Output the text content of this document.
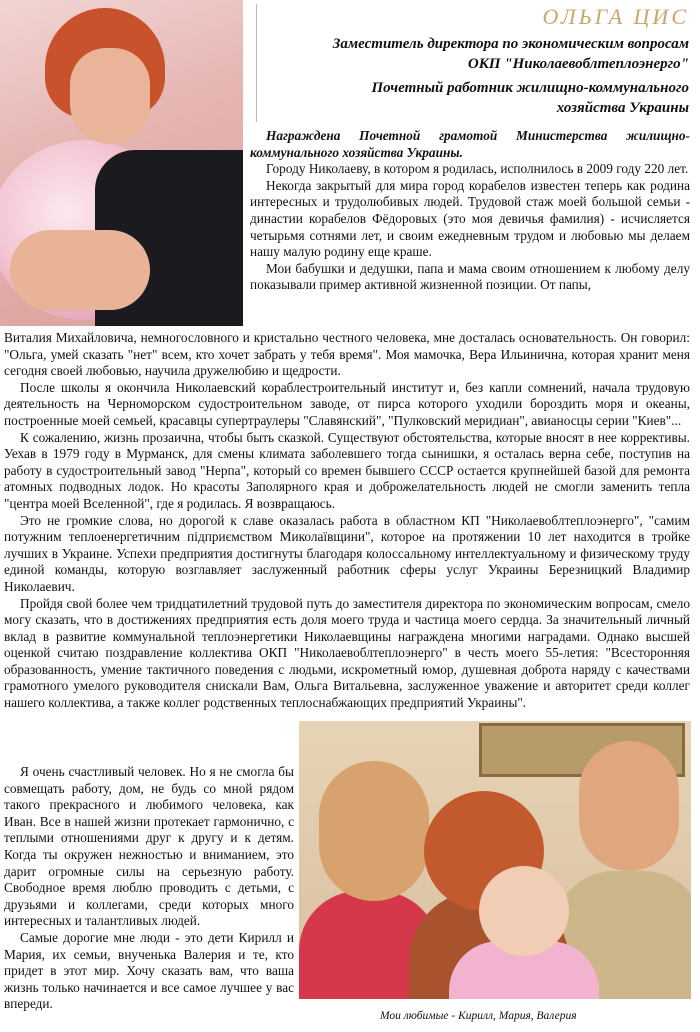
ОЛЬГА ЦИС
Заместитель директора по экономическим вопросам
ОКП "Николаевоблтеплоэнерго"
Почетный работник жилищно-коммунального
хозяйства Украины

Награждена Почетной грамотой Министерства жилищно-коммунального хозяйства Украины.

Городу Николаеву, в котором я родилась, исполнилось в 2009 году 220 лет.

Некогда закрытый для мира город корабелов известен теперь как родина интересных и трудолюбивых людей. Трудовой стаж моей большой семьи - династии корабелов Фёдоровых (это моя девичья фамилия) - исчисляется четырьмя сотнями лет, и своим ежедневным трудом и любовью мы делаем нашу малую родину еще краше.

Мои бабушки и дедушки, папа и мама своим отношением к любому делу показывали пример активной жизненной позиции. От папы,

Виталия Михайловича, немногословного и кристально честного человека, мне досталась основательность. Он говорил: "Ольга, умей сказать "нет" всем, кто хочет забрать у тебя время". Моя мамочка, Вера Ильинична, которая хранит меня сегодня своей любовью, научила дружелюбию и щедрости.

После школы я окончила Николаевский кораблестроительный институт и, без капли сомнений, начала трудовую деятельность на Черноморском судостроительном заводе, от пирса которого уходили бороздить моря и океаны, построенные моей семьей, красавцы супертраулеры "Славянский", "Пулковский меридиан", авианосцы серии "Киев"...

К сожалению, жизнь прозаична, чтобы быть сказкой. Существуют обстоятельства, которые вносят в нее коррективы. Уехав в 1979 году в Мурманск, для смены климата заболевшего тогда сынишки, я осталась верна себе, поступив на работу в судостроительный завод "Нерпа", который со времен бывшего СССР остается крупнейшей базой для ремонта атомных подводных лодок. Но красоты Заполярного края и доброжелательность людей не смогли заменить тепла "центра моей Вселенной", где я родилась. Я возвращаюсь.

Это не громкие слова, но дорогой к славе оказалась работа в областном КП "Николаевоблтеплоэнерго", "самим потужним теплоенергетичним підприємством Миколаївщини", которое на протяжении 10 лет находится в тройке лучших в Украине. Успехи предприятия достигнуты благодаря колоссальному интеллектуальному и физическому труду единой команды, которую возглавляет заслуженный работник сферы услуг Украины Березницкий Владимир Николаевич.

Пройдя свой более чем тридцатилетний трудовой путь до заместителя директора по экономическим вопросам, смело могу сказать, что в достижениях предприятия есть доля моего труда и частица моего сердца. За значительный личный вклад в развитие коммунальной теплоэнергетики Николаевщины награждена многими наградами. Однако высшей оценкой считаю поздравление коллектива ОКП "Николаевоблтеплоэнерго" в честь моего 55-летия: "Всесторонняя образованность, умение тактичного поведения с людьми, искрометный юмор, душевная доброта наряду с качествами грамотного умелого руководителя снискали Вам, Ольга Витальевна, заслуженное уважение и авторитет среди коллег нашего коллектива, а также коллег родственных теплоснабжающих предприятий Украины".

Я очень счастливый человек. Но я не смогла бы совмещать работу, дом, не будь со мной рядом такого прекрасного и любимого человека, как Иван. Все в нашей жизни протекает гармонично, с теплыми отношениями друг к другу и к детям. Когда ты окружен нежностью и вниманием, это дарит огромные силы на серьезную работу. Свободное время люблю проводить с детьми, с друзьями и коллегами, среди которых много интересных и талантливых людей.

Самые дорогие мне люди - это дети Кирилл и Мария, их семьи, внученька Валерия и те, кто придет в этот мир. Хочу сказать вам, что ваша жизнь только начинается и все самое лучшее у вас впереди.

Мои любимые - Кирилл, Мария, Валерия
